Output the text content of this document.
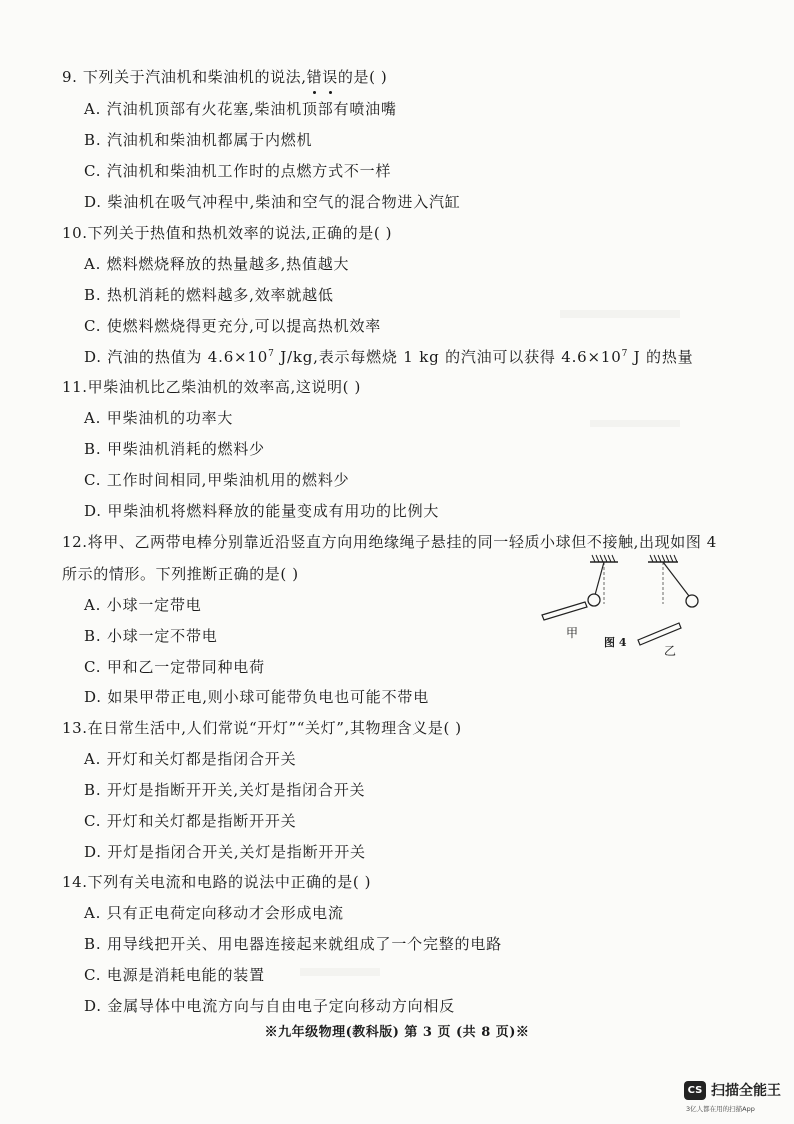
9. 下列关于汽油机和柴油机的说法,错误的是( )
A. 汽油机顶部有火花塞,柴油机顶部有喷油嘴
B. 汽油机和柴油机都属于内燃机
C. 汽油机和柴油机工作时的点燃方式不一样
D. 柴油机在吸气冲程中,柴油和空气的混合物进入汽缸
10.下列关于热值和热机效率的说法,正确的是( )
A. 燃料燃烧释放的热量越多,热值越大
B. 热机消耗的燃料越多,效率就越低
C. 使燃料燃烧得更充分,可以提高热机效率
D. 汽油的热值为 $4.6\times 10^7$ J/kg,表示每燃烧 1 kg 的汽油可以获得 $4.6\times 10^7$ J 的热量
11.甲柴油机比乙柴油机的效率高,这说明( )
A. 甲柴油机的功率大
B. 甲柴油机消耗的燃料少
C. 工作时间相同,甲柴油机用的燃料少
D. 甲柴油机将燃料释放的能量变成有用功的比例大
12.将甲、乙两带电棒分别靠近沿竖直方向用绝缘绳子悬挂的同一轻质小球但不接触,出现如图 4
所示的情形。下列推断正确的是( )
A. 小球一定带电
B. 小球一定不带电
C. 甲和乙一定带同种电荷
D. 如果甲带正电,则小球可能带负电也可能不带电
甲
乙
图 4
13.在日常生活中,人们常说“开灯”“关灯”,其物理含义是( )
A. 开灯和关灯都是指闭合开关
B. 开灯是指断开开关,关灯是指闭合开关
C. 开灯和关灯都是指断开开关
D. 开灯是指闭合开关,关灯是指断开开关
14.下列有关电流和电路的说法中正确的是( )
A. 只有正电荷定向移动才会形成电流
B. 用导线把开关、用电器连接起来就组成了一个完整的电路
C. 电源是消耗电能的装置
D. 金属导体中电流方向与自由电子定向移动方向相反
※九年级物理(教科版) 第 3 页 (共 8 页)※
CS 扫描全能王
3亿人都在用的扫描App
